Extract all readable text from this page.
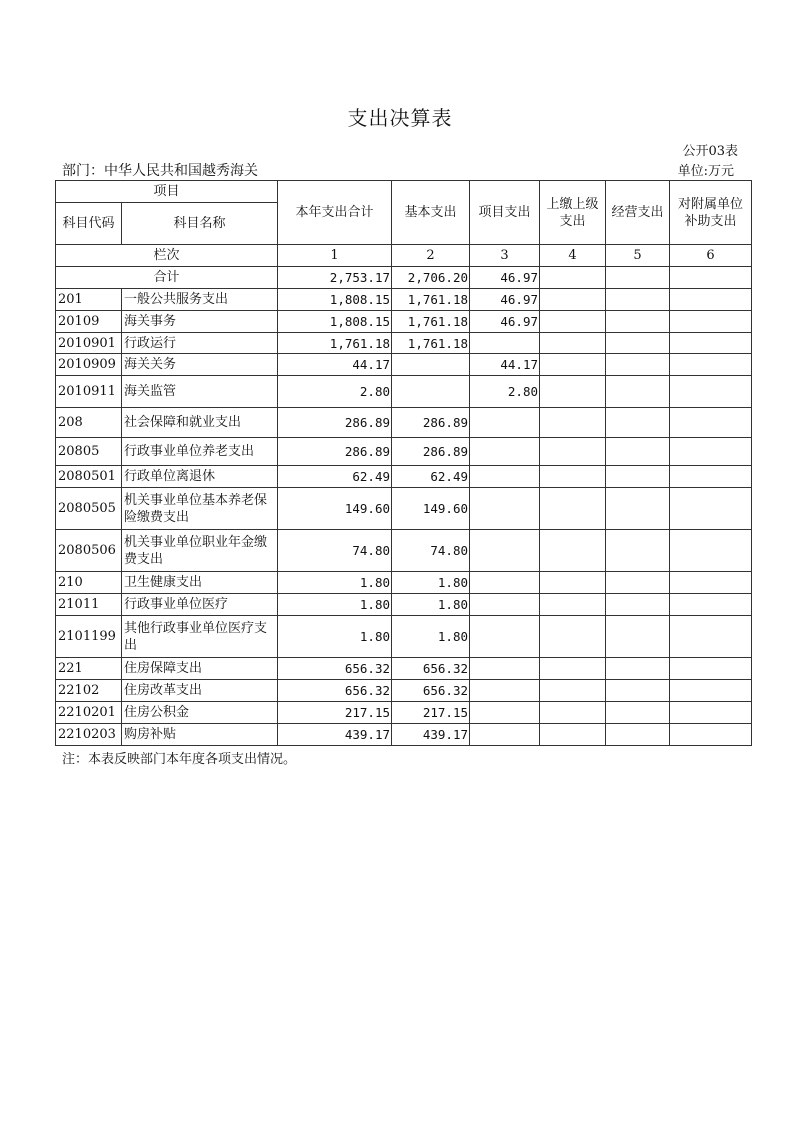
支出决算表
公开03表
部门：中华人民共和国越秀海关	单位:万元
项目		本年支出合计	基本支出	项目支出	上缴上级支出	经营支出	对附属单位补助支出
科目代码	科目名称						
栏次		1	2	3	4	5	6
合计		2,753.17	2,706.20	46.97			
201	一般公共服务支出	1,808.15	1,761.18	46.97			
20109	海关事务	1,808.15	1,761.18	46.97			
2010901	行政运行	1,761.18	1,761.18				
2010909	海关关务	44.17		44.17			
2010911	海关监管	2.80		2.80			
208	社会保障和就业支出	286.89	286.89				
20805	行政事业单位养老支出	286.89	286.89				
2080501	行政单位离退休	62.49	62.49				
2080505	机关事业单位基本养老保险缴费支出	149.60	149.60				
2080506	机关事业单位职业年金缴费支出	74.80	74.80				
210	卫生健康支出	1.80	1.80				
21011	行政事业单位医疗	1.80	1.80				
2101199	其他行政事业单位医疗支出	1.80	1.80				
221	住房保障支出	656.32	656.32				
22102	住房改革支出	656.32	656.32				
2210201	住房公积金	217.15	217.15				
2210203	购房补贴	439.17	439.17				
注：本表反映部门本年度各项支出情况。
